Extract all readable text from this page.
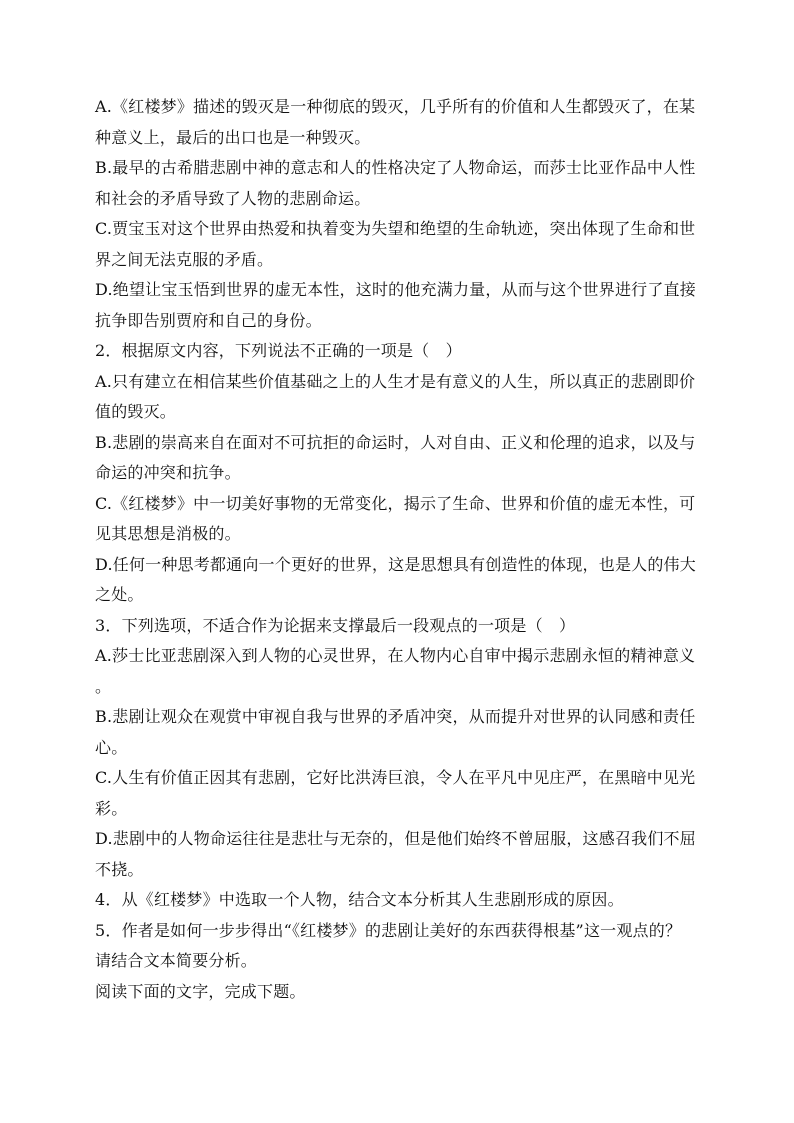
A.《红楼梦》描述的毁灭是一种彻底的毁灭，几乎所有的价值和人生都毁灭了，在某
种意义上，最后的出口也是一种毁灭。
B.最早的古希腊悲剧中神的意志和人的性格决定了人物命运，而莎士比亚作品中人性
和社会的矛盾导致了人物的悲剧命运。
C.贾宝玉对这个世界由热爱和执着变为失望和绝望的生命轨迹，突出体现了生命和世
界之间无法克服的矛盾。
D.绝望让宝玉悟到世界的虚无本性，这时的他充满力量，从而与这个世界进行了直接
抗争即告别贾府和自己的身份。
2．根据原文内容，下列说法不正确的一项是（　）
A.只有建立在相信某些价值基础之上的人生才是有意义的人生，所以真正的悲剧即价
值的毁灭。
B.悲剧的崇高来自在面对不可抗拒的命运时，人对自由、正义和伦理的追求，以及与
命运的冲突和抗争。
C.《红楼梦》中一切美好事物的无常变化，揭示了生命、世界和价值的虚无本性，可
见其思想是消极的。
D.任何一种思考都通向一个更好的世界，这是思想具有创造性的体现，也是人的伟大
之处。
3．下列选项，不适合作为论据来支撑最后一段观点的一项是（　）
A.莎士比亚悲剧深入到人物的心灵世界，在人物内心自审中揭示悲剧永恒的精神意义
。
B.悲剧让观众在观赏中审视自我与世界的矛盾冲突，从而提升对世界的认同感和责任
心。
C.人生有价值正因其有悲剧，它好比洪涛巨浪，令人在平凡中见庄严，在黑暗中见光
彩。
D.悲剧中的人物命运往往是悲壮与无奈的，但是他们始终不曾屈服，这感召我们不屈
不挠。
4．从《红楼梦》中选取一个人物，结合文本分析其人生悲剧形成的原因。
5．作者是如何一步步得出“《红楼梦》的悲剧让美好的东西获得根基”这一观点的？
请结合文本简要分析。
阅读下面的文字，完成下题。
